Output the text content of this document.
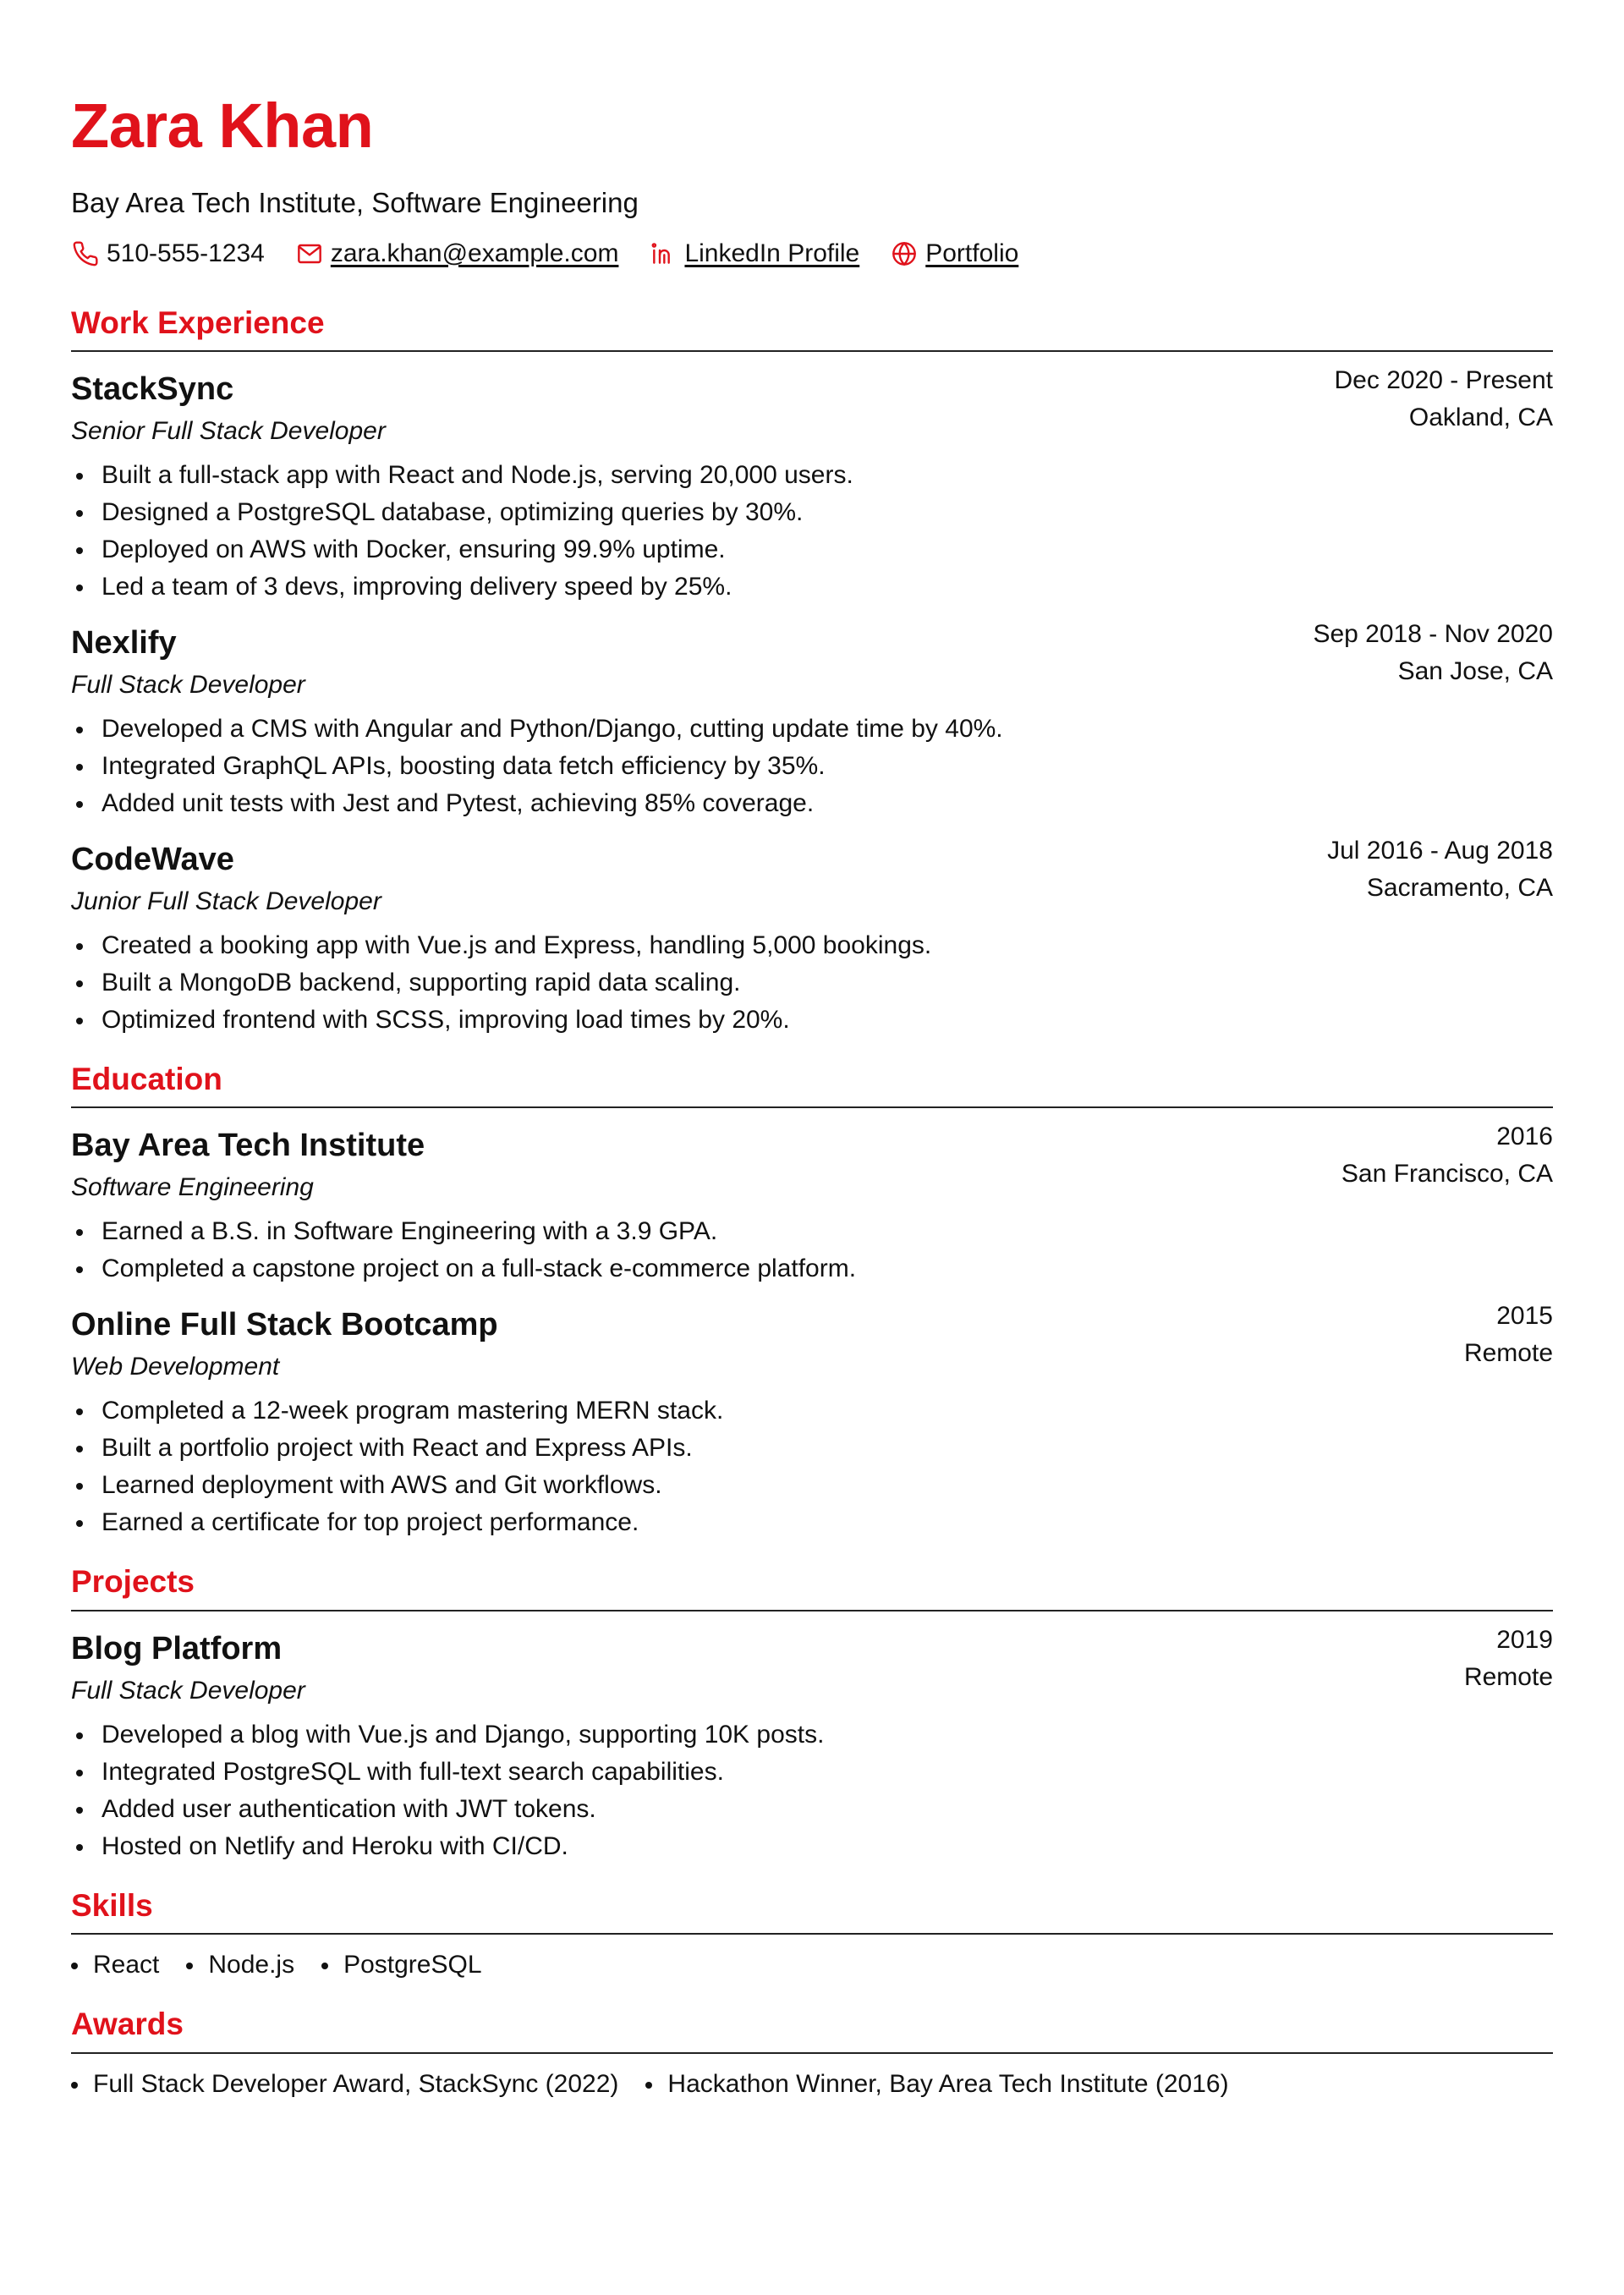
Zara Khan
Bay Area Tech Institute, Software Engineering
510-555-1234	zara.khan@example.com	LinkedIn Profile	Portfolio
Work Experience
StackSync	Dec 2020 - Present
Oakland, CA
Senior Full Stack Developer
Built a full-stack app with React and Node.js, serving 20,000 users.
Designed a PostgreSQL database, optimizing queries by 30%.
Deployed on AWS with Docker, ensuring 99.9% uptime.
Led a team of 3 devs, improving delivery speed by 25%.
Nexlify	Sep 2018 - Nov 2020
San Jose, CA
Full Stack Developer
Developed a CMS with Angular and Python/Django, cutting update time by 40%.
Integrated GraphQL APIs, boosting data fetch efficiency by 35%.
Added unit tests with Jest and Pytest, achieving 85% coverage.
CodeWave	Jul 2016 - Aug 2018
Sacramento, CA
Junior Full Stack Developer
Created a booking app with Vue.js and Express, handling 5,000 bookings.
Built a MongoDB backend, supporting rapid data scaling.
Optimized frontend with SCSS, improving load times by 20%.
Education
Bay Area Tech Institute	2016
San Francisco, CA
Software Engineering
Earned a B.S. in Software Engineering with a 3.9 GPA.
Completed a capstone project on a full-stack e-commerce platform.
Online Full Stack Bootcamp	2015
Remote
Web Development
Completed a 12-week program mastering MERN stack.
Built a portfolio project with React and Express APIs.
Learned deployment with AWS and Git workflows.
Earned a certificate for top project performance.
Projects
Blog Platform	2019
Remote
Full Stack Developer
Developed a blog with Vue.js and Django, supporting 10K posts.
Integrated PostgreSQL with full-text search capabilities.
Added user authentication with JWT tokens.
Hosted on Netlify and Heroku with CI/CD.
Skills
React	Node.js	PostgreSQL
Awards
Full Stack Developer Award, StackSync (2022)	Hackathon Winner, Bay Area Tech Institute (2016)
